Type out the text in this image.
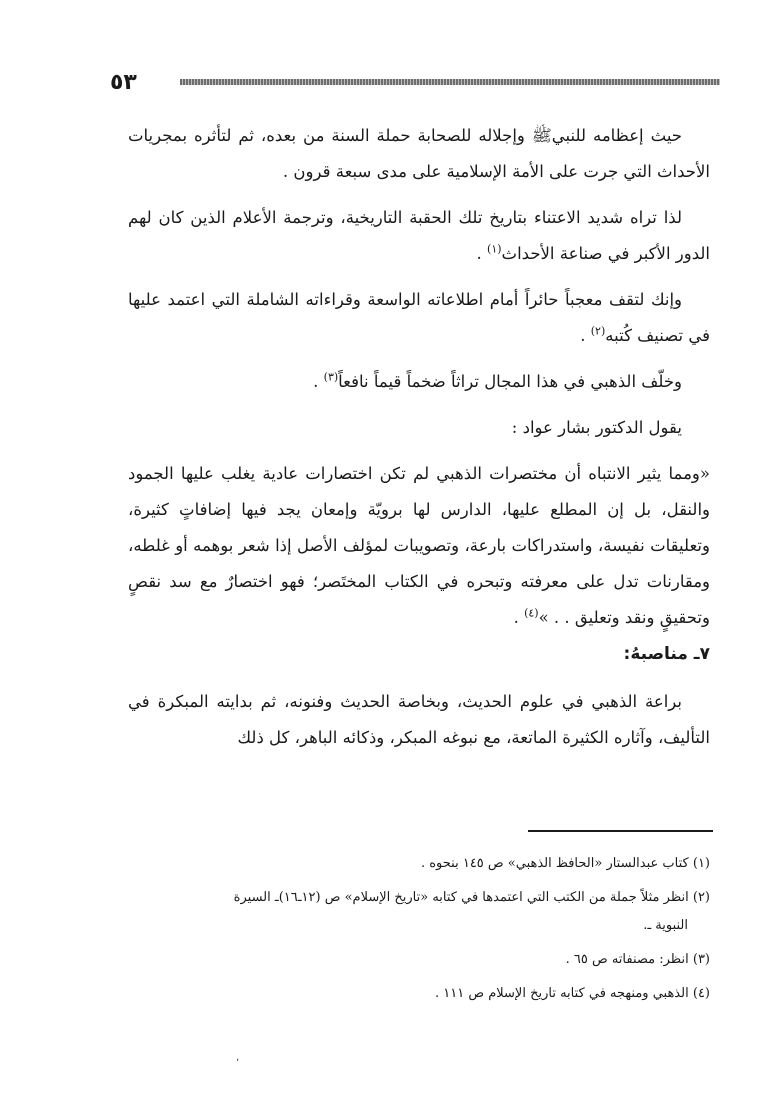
٥٣

حيث إعظامه للنبيﷺ وإجلاله للصحابة حملة السنة من بعده، ثم لتأثره بمجريات الأحداث التي جرت على الأمة الإسلامية على مدى سبعة قرون .

لذا تراه شديد الاعتناء بتاريخ تلك الحقبة التاريخية، وترجمة الأعلام الذين كان لهم الدور الأكبر في صناعة الأحداث$^{(١)}$ .

وإنك لتقف معجباً حائراً أمام اطلاعاته الواسعة وقراءاته الشاملة التي اعتمد عليها في تصنيف كُتبه$^{(٢)}$ .

وخلّف الذهبي في هذا المجال تراثاً ضخماً قيماً نافعاً$^{(٣)}$ .

يقول الدكتور بشار عواد :

«ومما يثير الانتباه أن مختصرات الذهبي لم تكن اختصارات عادية يغلب عليها الجمود والنقل، بل إن المطلع عليها، الدارس لها برويّة وإمعان يجد فيها إضافاتٍ كثيرة، وتعليقات نفيسة، واستدراكات بارعة، وتصويبات لمؤلف الأصل إذا شعر بوهمه أو غلطه، ومقارنات تدل على معرفته وتبحره في الكتاب المختَصر؛ فهو اختصارٌ مع سد نقصٍ وتحقيقٍ ونقد وتعليق . . »$^{(٤)}$ .

٧ـ مناصبهُ:

براعة الذهبي في علوم الحديث، وبخاصة الحديث وفنونه، ثم بدايته المبكرة في التأليف، وآثاره الكثيرة الماتعة، مع نبوغه المبكر، وذكائه الباهر، كل ذلك

(١) كتاب عبدالستار «الحافظ الذهبي» ص ١٤٥ بنحوه .
(٢) انظر مثلاً جملة من الكتب التي اعتمدها في كتابه «تاريخ الإسلام» ص (١٢ـ١٦)ـ السيرة
النبوية ـ.
(٣) انظر: مصنفاته ص ٦٥ .
(٤) الذهبي ومنهجه في كتابه تاريخ الإسلام ص ١١١ .
٬
